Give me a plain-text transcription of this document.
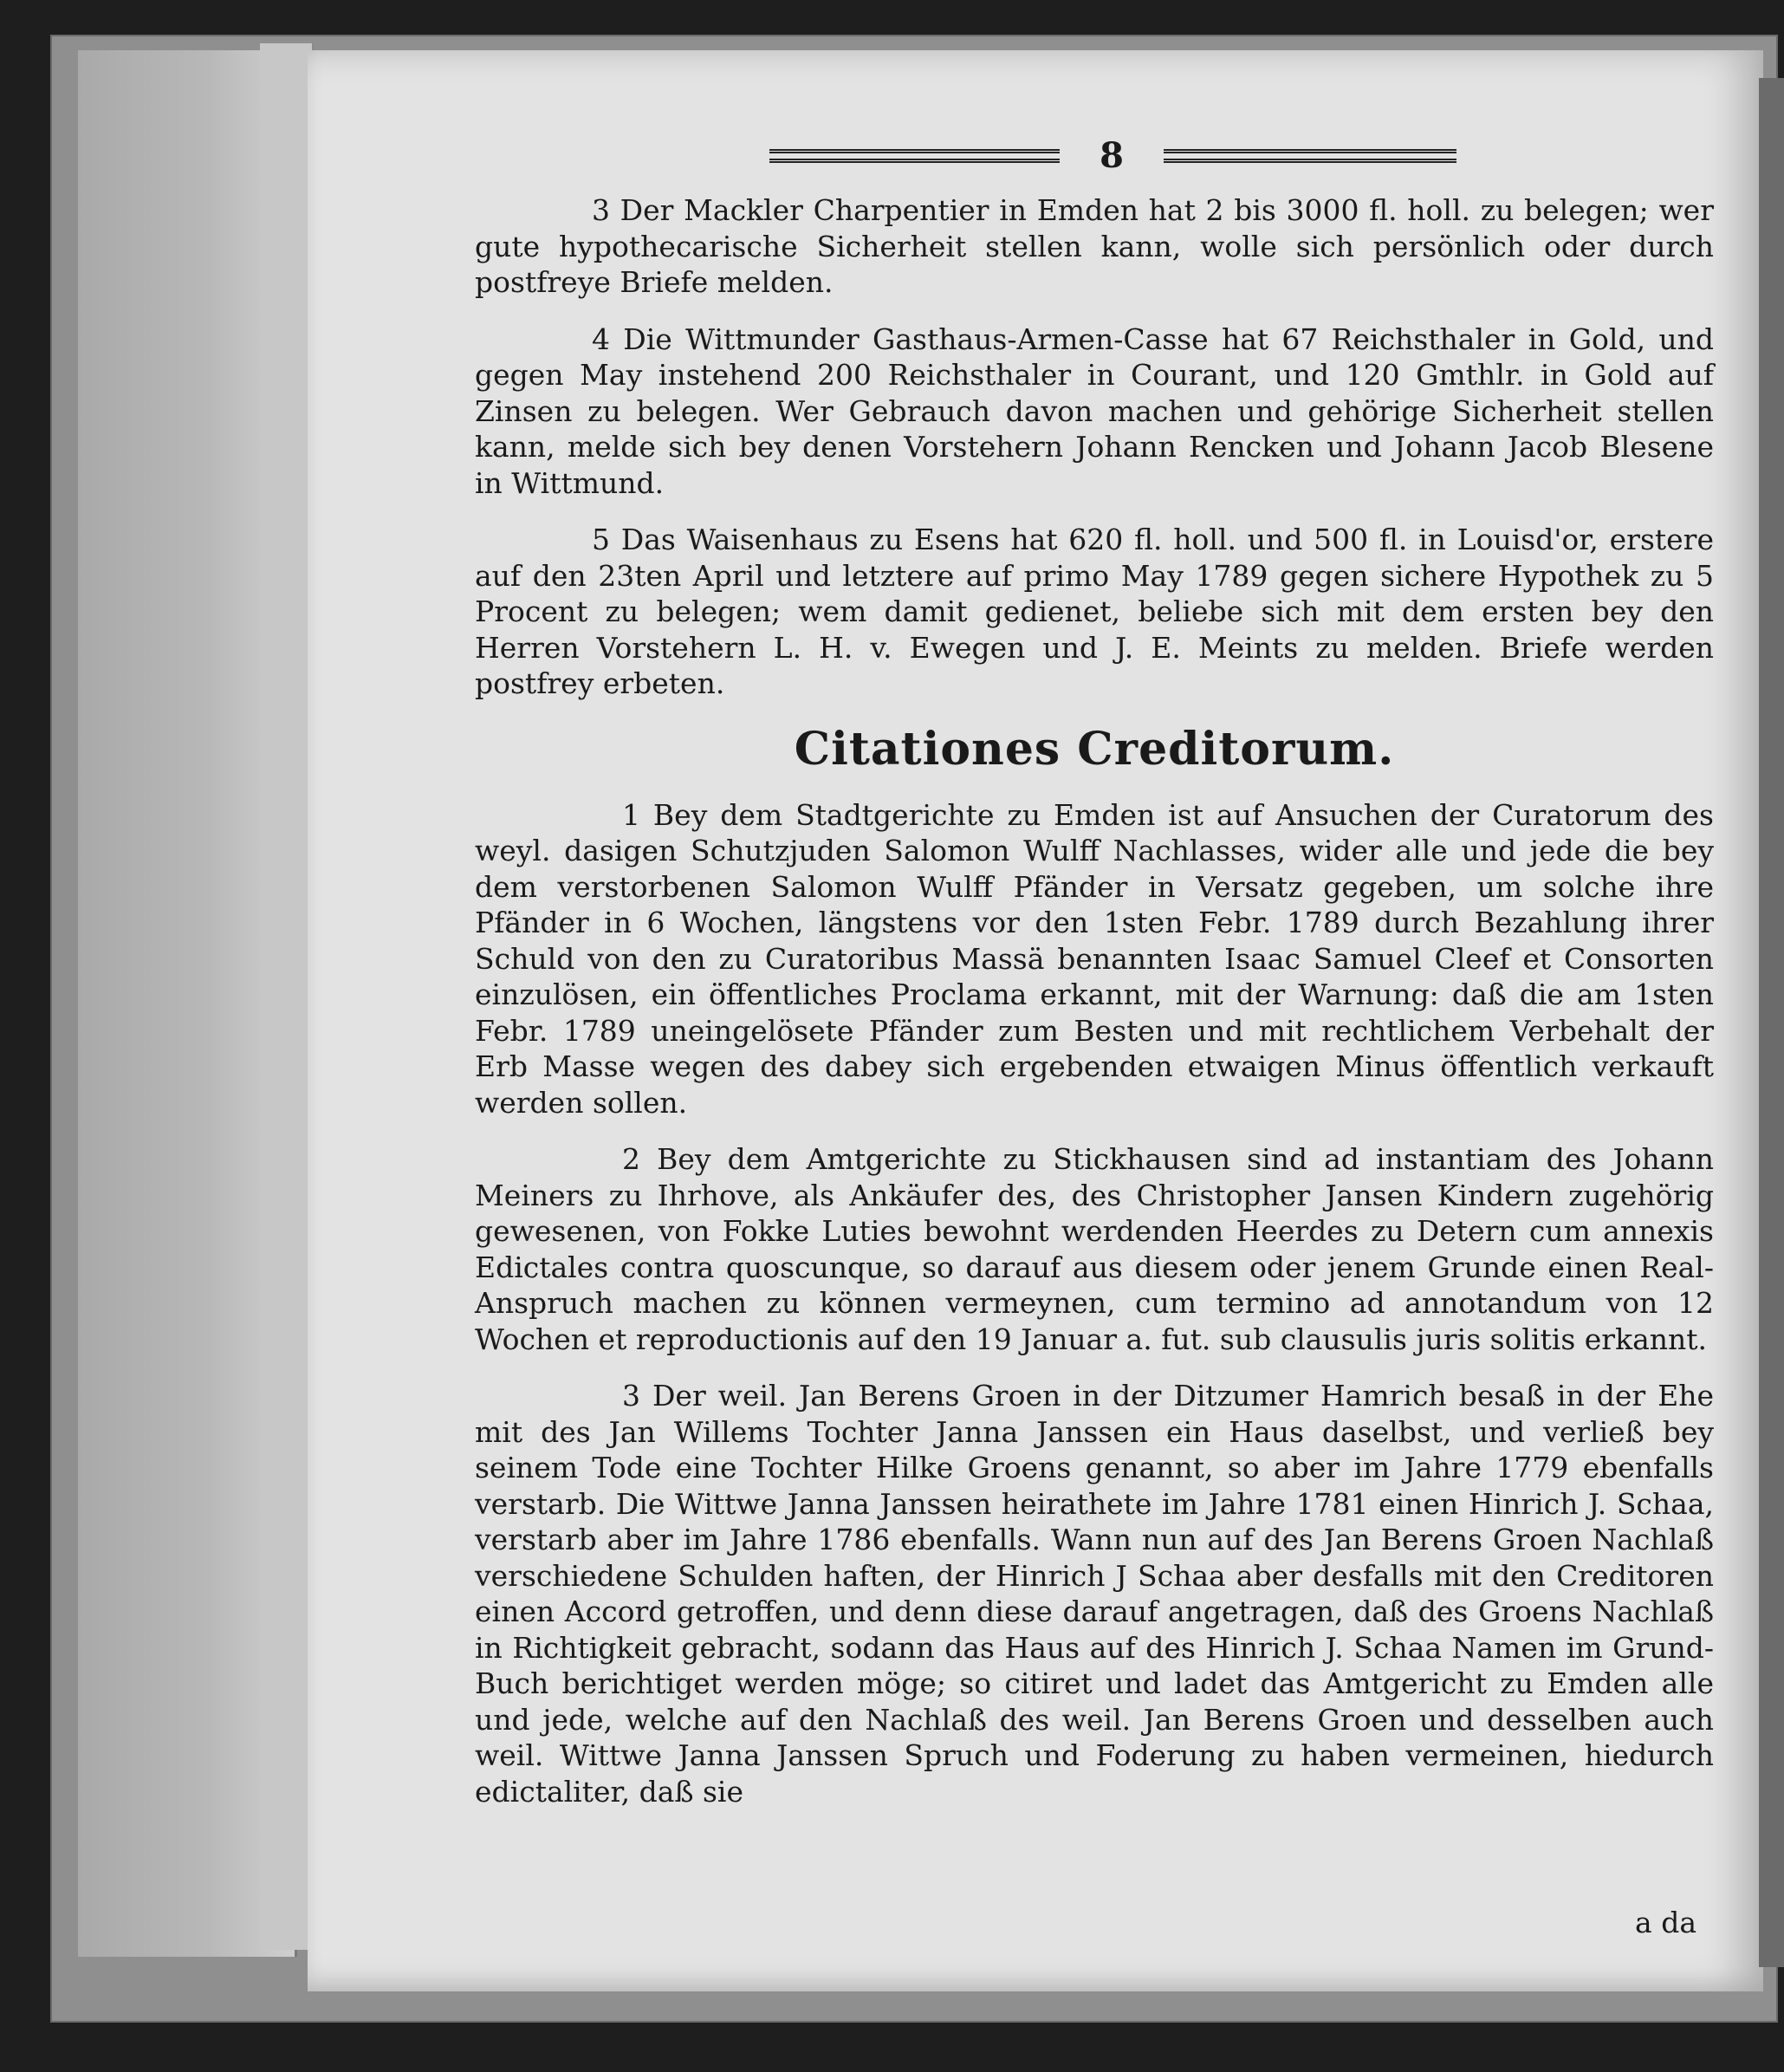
8

3 Der Mackler Charpentier in Emden hat 2 bis 3000 fl. holl. zu belegen; wer gute hypothecarische Sicherheit stellen kann, wolle sich persönlich oder durch postfreye Briefe melden.

4 Die Wittmunder Gasthaus-Armen-Casse hat 67 Reichsthaler in Gold, und gegen May instehend 200 Reichsthaler in Courant, und 120 Gmthlr. in Gold auf Zinsen zu belegen. Wer Gebrauch davon machen und gehörige Sicherheit stellen kann, melde sich bey denen Vorstehern Johann Rencken und Johann Jacob Blesene in Wittmund.

5 Das Waisenhaus zu Esens hat 620 fl. holl. und 500 fl. in Louisd'or, erstere auf den 23ten April und letztere auf primo May 1789 gegen sichere Hypothek zu 5 Procent zu belegen; wem damit gedienet, beliebe sich mit dem ersten bey den Herren Vorstehern L. H. v. Ewegen und J. E. Meints zu melden. Briefe werden postfrey erbeten.

Citationes Creditorum.

1 Bey dem Stadtgerichte zu Emden ist auf Ansuchen der Curatorum des weyl. dasigen Schutzjuden Salomon Wulff Nachlasses, wider alle und jede die bey dem verstorbenen Salomon Wulff Pfänder in Versatz gegeben, um solche ihre Pfänder in 6 Wochen, längstens vor den 1sten Febr. 1789 durch Bezahlung ihrer Schuld von den zu Curatoribus Massä benannten Isaac Samuel Cleef et Consorten einzulösen, ein öffentliches Proclama erkannt, mit der Warnung: daß die am 1sten Febr. 1789 uneingelösete Pfänder zum Besten und mit rechtlichem Verbehalt der Erb Masse wegen des dabey sich ergebenden etwaigen Minus öffentlich verkauft werden sollen.

2 Bey dem Amtgerichte zu Stickhausen sind ad instantiam des Johann Meiners zu Ihrhove, als Ankäufer des, des Christopher Jansen Kindern zugehörig gewesenen, von Fokke Luties bewohnt werdenden Heerdes zu Detern cum annexis Edictales contra quoscunque, so darauf aus diesem oder jenem Grunde einen Real-Anspruch machen zu können vermeynen, cum termino ad annotandum von 12 Wochen et reproductionis auf den 19 Januar a. fut. sub clausulis juris solitis erkannt.

3 Der weil. Jan Berens Groen in der Ditzumer Hamrich besaß in der Ehe mit des Jan Willems Tochter Janna Janssen ein Haus daselbst, und verließ bey seinem Tode eine Tochter Hilke Groens genannt, so aber im Jahre 1779 ebenfalls verstarb. Die Wittwe Janna Janssen heirathete im Jahre 1781 einen Hinrich J. Schaa, verstarb aber im Jahre 1786 ebenfalls. Wann nun auf des Jan Berens Groen Nachlaß verschiedene Schulden haften, der Hinrich J Schaa aber desfalls mit den Creditoren einen Accord getroffen, und denn diese darauf angetragen, daß des Groens Nachlaß in Richtigkeit gebracht, sodann das Haus auf des Hinrich J. Schaa Namen im Grund-Buch berichtiget werden möge; so citiret und ladet das Amtgericht zu Emden alle und jede, welche auf den Nachlaß des weil. Jan Berens Groen und desselben auch weil. Wittwe Janna Janssen Spruch und Foderung zu haben vermeinen, hiedurch edictaliter, daß sie

a da
